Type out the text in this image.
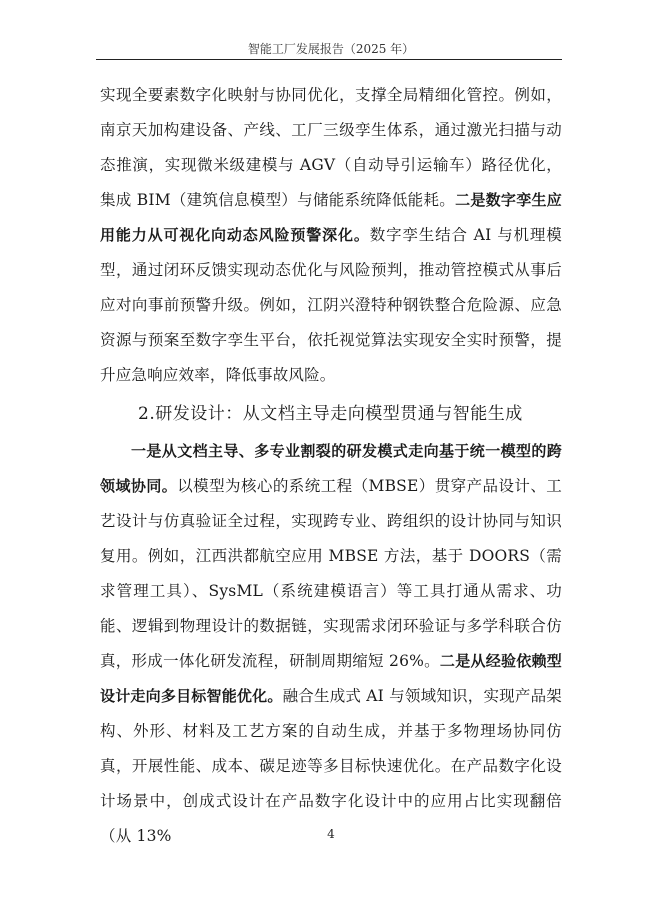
智能工厂发展报告（2025 年）

实现全要素数字化映射与协同优化，支撑全局精细化管控。例如，南京天加构建设备、产线、工厂三级孪生体系，通过激光扫描与动态推演，实现微米级建模与 AGV（自动导引运输车）路径优化，集成 BIM（建筑信息模型）与储能系统降低能耗。二是数字孪生应用能力从可视化向动态风险预警深化。数字孪生结合 AI 与机理模型，通过闭环反馈实现动态优化与风险预判，推动管控模式从事后应对向事前预警升级。例如，江阴兴澄特种钢铁整合危险源、应急资源与预案至数字孪生平台，依托视觉算法实现安全实时预警，提升应急响应效率，降低事故风险。

2.研发设计：从文档主导走向模型贯通与智能生成

一是从文档主导、多专业割裂的研发模式走向基于统一模型的跨领域协同。以模型为核心的系统工程（MBSE）贯穿产品设计、工艺设计与仿真验证全过程，实现跨专业、跨组织的设计协同与知识复用。例如，江西洪都航空应用 MBSE 方法，基于 DOORS（需求管理工具）、SysML（系统建模语言）等工具打通从需求、功能、逻辑到物理设计的数据链，实现需求闭环验证与多学科联合仿真，形成一体化研发流程，研制周期缩短 26%。二是从经验依赖型设计走向多目标智能优化。融合生成式 AI 与领域知识，实现产品架构、外形、材料及工艺方案的自动生成，并基于多物理场协同仿真，开展性能、成本、碳足迹等多目标快速优化。在产品数字化设计场景中，创成式设计在产品数字化设计中的应用占比实现翻倍（从 13%	4
